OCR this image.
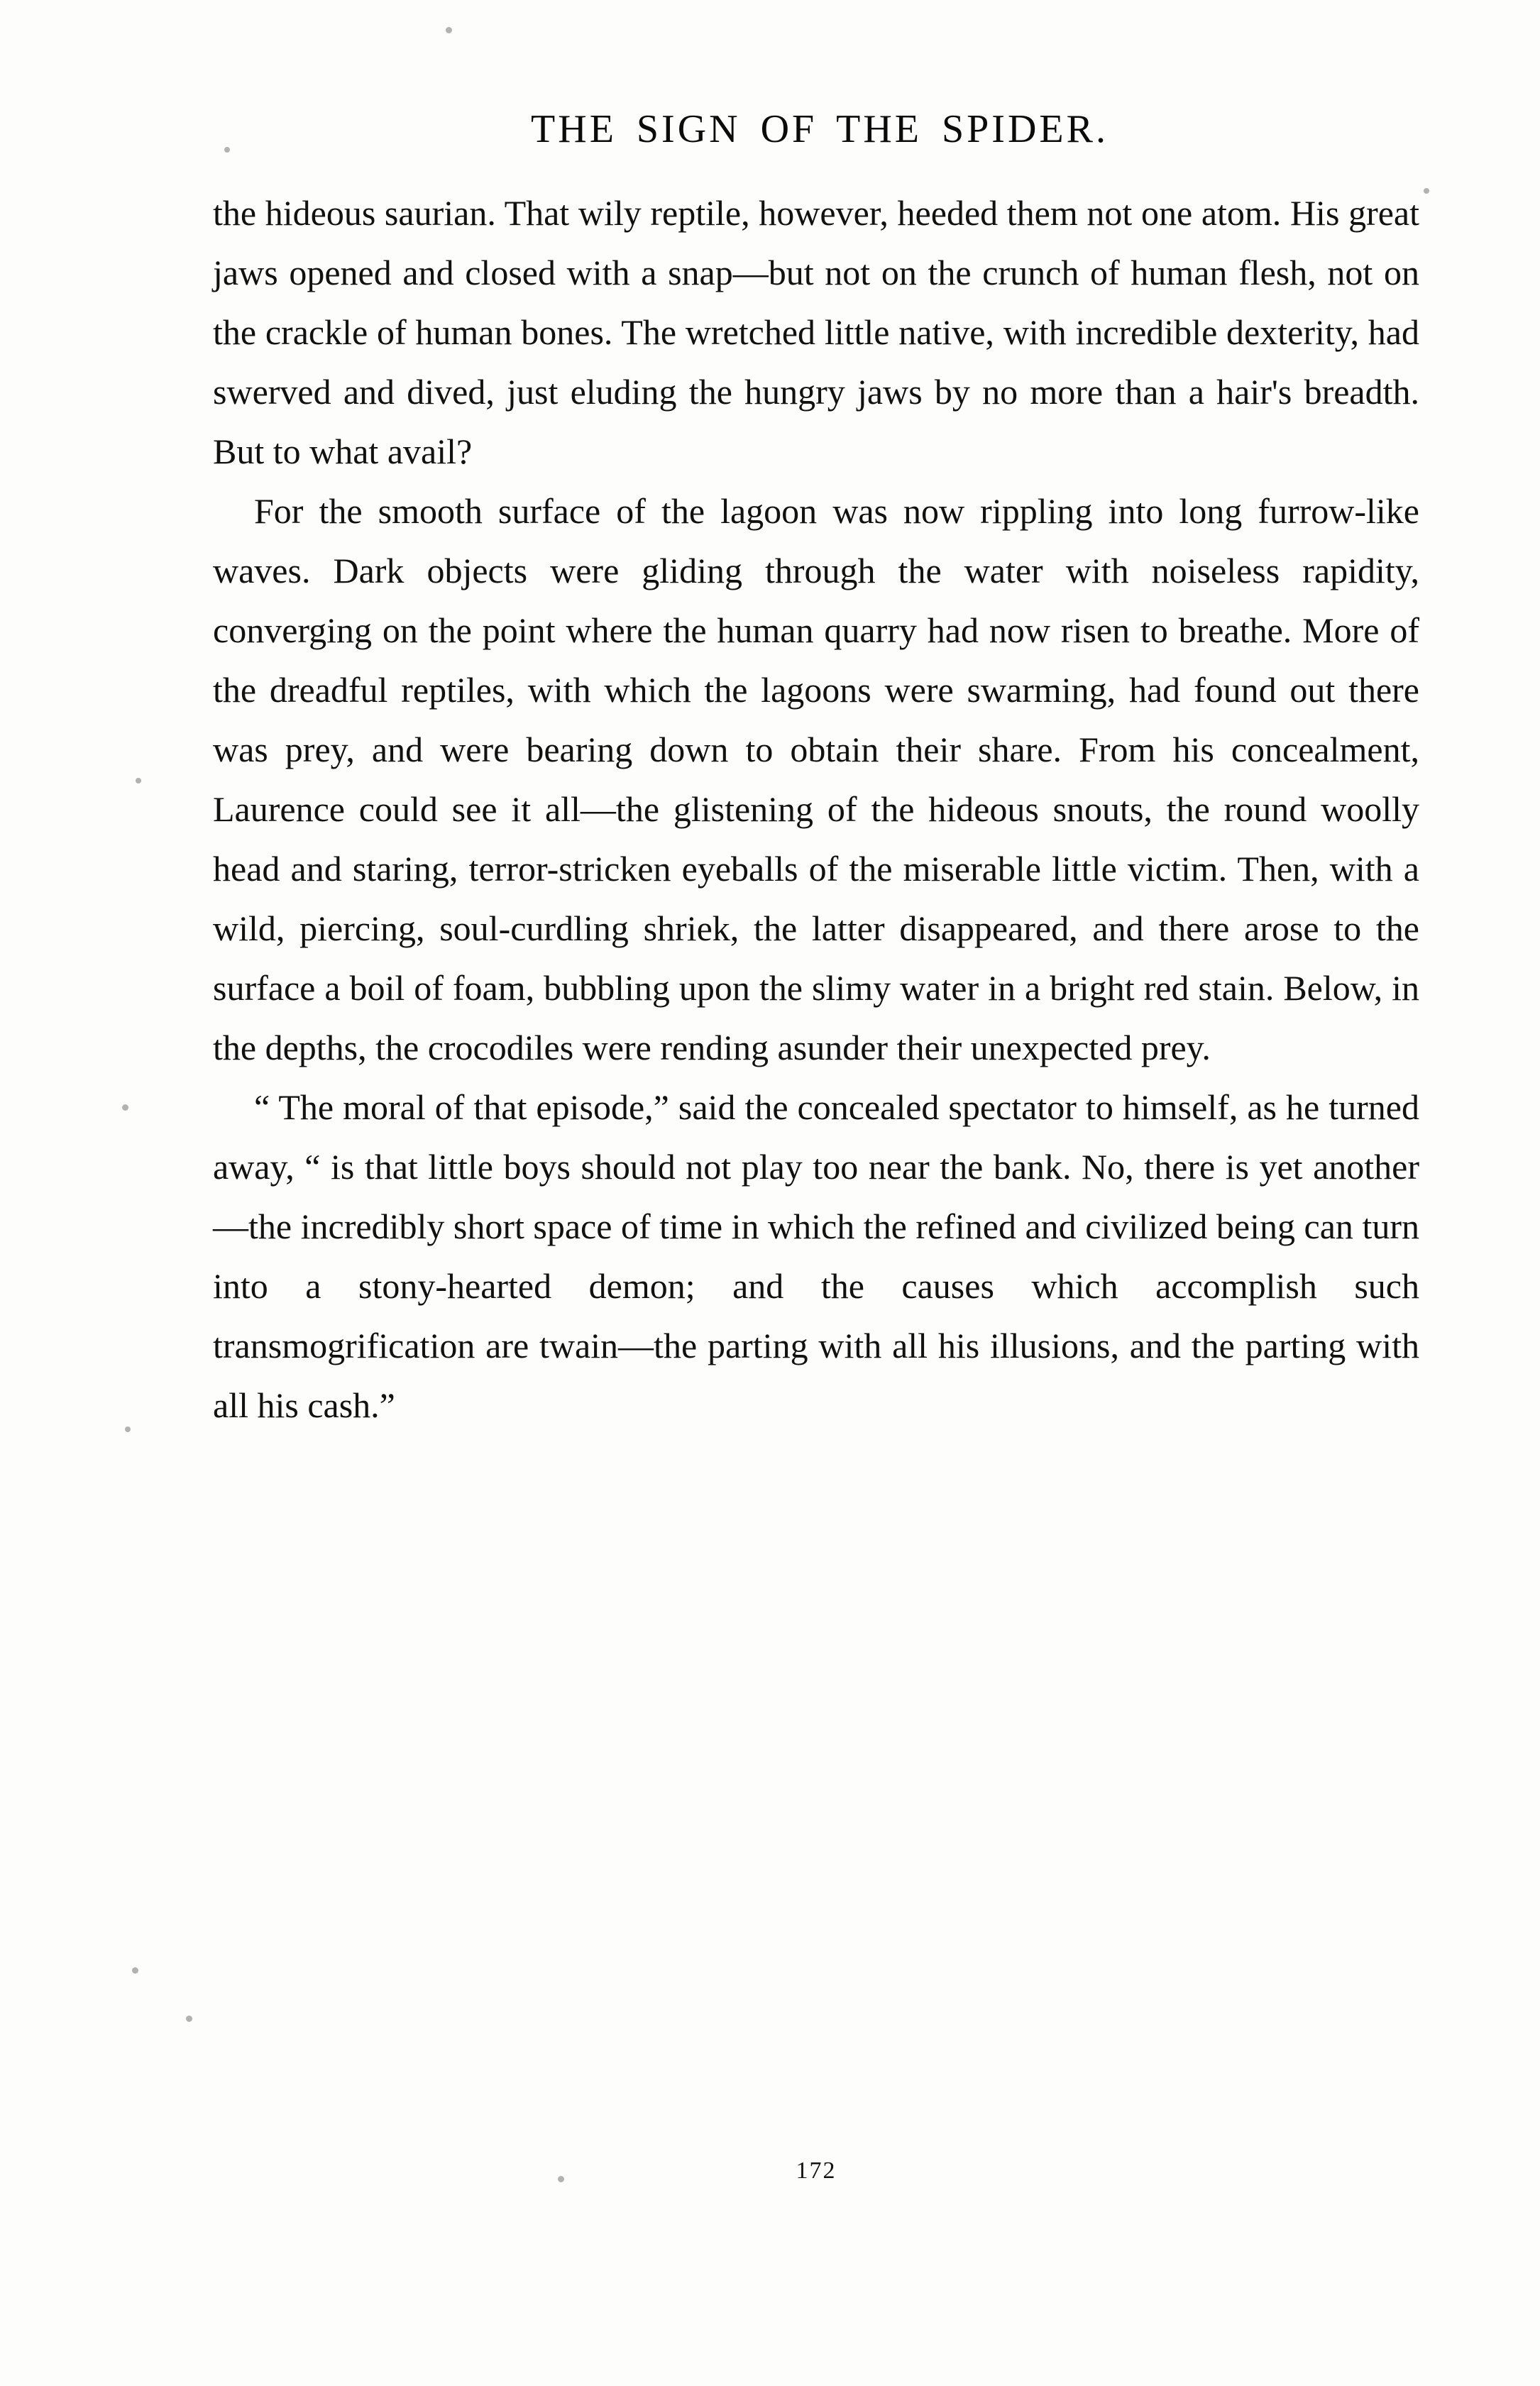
THE SIGN OF THE SPIDER.

the hideous saurian. That wily reptile, however, heeded them not one atom. His great jaws opened and closed with a snap—but not on the crunch of human flesh, not on the crackle of human bones. The wretched little native, with incredible dexterity, had swerved and dived, just eluding the hungry jaws by no more than a hair's breadth. But to what avail?

For the smooth surface of the lagoon was now rippling into long furrow-like waves. Dark objects were gliding through the water with noiseless rapidity, converging on the point where the human quarry had now risen to breathe. More of the dreadful reptiles, with which the lagoons were swarming, had found out there was prey, and were bearing down to obtain their share. From his concealment, Laurence could see it all—the glistening of the hideous snouts, the round woolly head and staring, terror-stricken eyeballs of the miserable little victim. Then, with a wild, piercing, soul-curdling shriek, the latter disappeared, and there arose to the surface a boil of foam, bubbling upon the slimy water in a bright red stain. Below, in the depths, the crocodiles were rending asunder their unexpected prey.

“ The moral of that episode,” said the concealed spectator to himself, as he turned away, “ is that little boys should not play too near the bank. No, there is yet another—the incredibly short space of time in which the refined and civilized being can turn into a stony-hearted demon; and the causes which accomplish such transmogrification are twain—the parting with all his illusions, and the parting with all his cash.”

172
